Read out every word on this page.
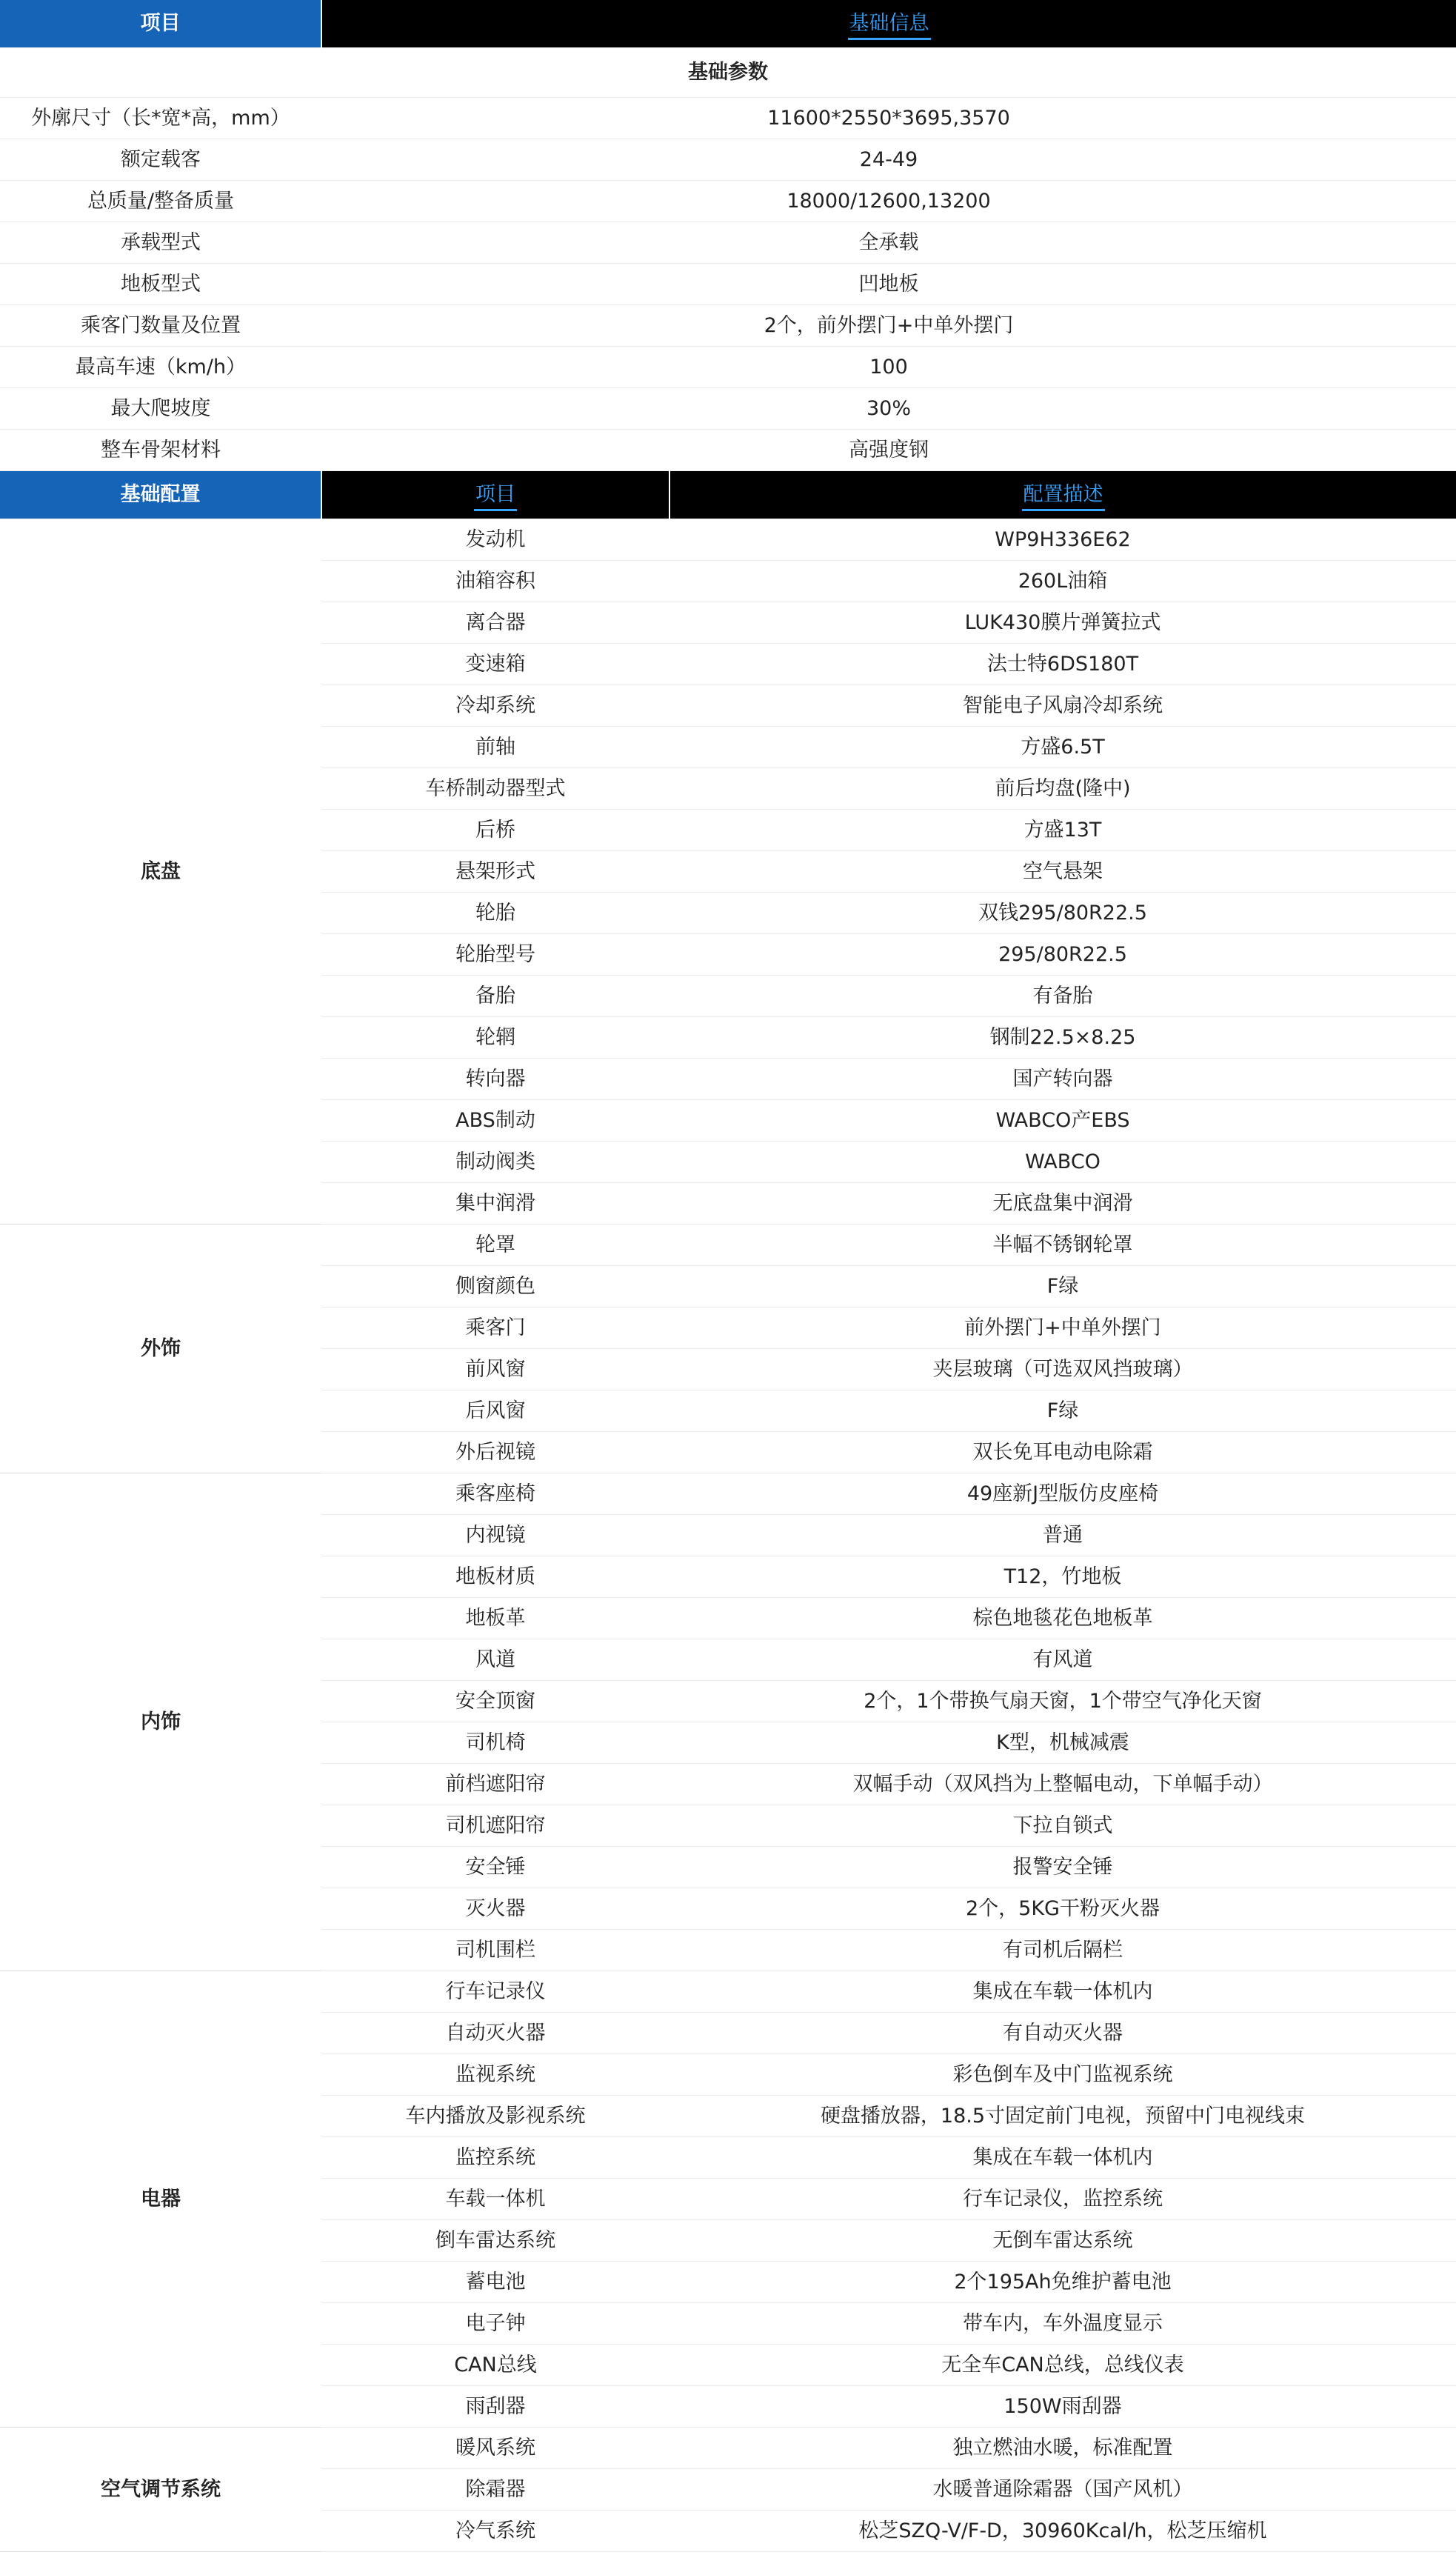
项目	基础信息	
基础参数		
外廓尺寸（长*宽*高，mm）	11600*2550*3695,3570	
额定载客	24-49	
总质量/整备质量	18000/12600,13200	
承载型式	全承载	
地板型式	凹地板	
乘客门数量及位置	2个，前外摆门+中单外摆门	
最高车速（km/h）	100	
最大爬坡度	30%	
整车骨架材料	高强度钢	
基础配置	项目	配置描述
底盘	发动机	WP9H336E62
	油箱容积	260L油箱
	离合器	LUK430膜片弹簧拉式
	变速箱	法士特6DS180T
	冷却系统	智能电子风扇冷却系统
	前轴	方盛6.5T
	车桥制动器型式	前后均盘(隆中)
	后桥	方盛13T
	悬架形式	空气悬架
	轮胎	双钱295/80R22.5
	轮胎型号	295/80R22.5
	备胎	有备胎
	轮辋	钢制22.5×8.25
	转向器	国产转向器
	ABS制动	WABCO产EBS
	制动阀类	WABCO
	集中润滑	无底盘集中润滑
外饰	轮罩	半幅不锈钢轮罩
	侧窗颜色	F绿
	乘客门	前外摆门+中单外摆门
	前风窗	夹层玻璃（可选双风挡玻璃）
	后风窗	F绿
	外后视镜	双长免耳电动电除霜
内饰	乘客座椅	49座新J型版仿皮座椅
	内视镜	普通
	地板材质	T12，竹地板
	地板革	棕色地毯花色地板革
	风道	有风道
	安全顶窗	2个，1个带换气扇天窗，1个带空气净化天窗
	司机椅	K型，机械减震
	前档遮阳帘	双幅手动（双风挡为上整幅电动，下单幅手动）
	司机遮阳帘	下拉自锁式
	安全锤	报警安全锤
	灭火器	2个，5KG干粉灭火器
	司机围栏	有司机后隔栏
电器	行车记录仪	集成在车载一体机内
	自动灭火器	有自动灭火器
	监视系统	彩色倒车及中门监视系统
	车内播放及影视系统	硬盘播放器，18.5寸固定前门电视，预留中门电视线束
	监控系统	集成在车载一体机内
	车载一体机	行车记录仪，监控系统
	倒车雷达系统	无倒车雷达系统
	蓄电池	2个195Ah免维护蓄电池
	电子钟	带车内，车外温度显示
	CAN总线	无全车CAN总线，总线仪表
	雨刮器	150W雨刮器
空气调节系统	暖风系统	独立燃油水暖，标准配置
	除霜器	水暖普通除霜器（国产风机）
	冷气系统	松芝SZQ-V/F-D，30960Kcal/h，松芝压缩机
